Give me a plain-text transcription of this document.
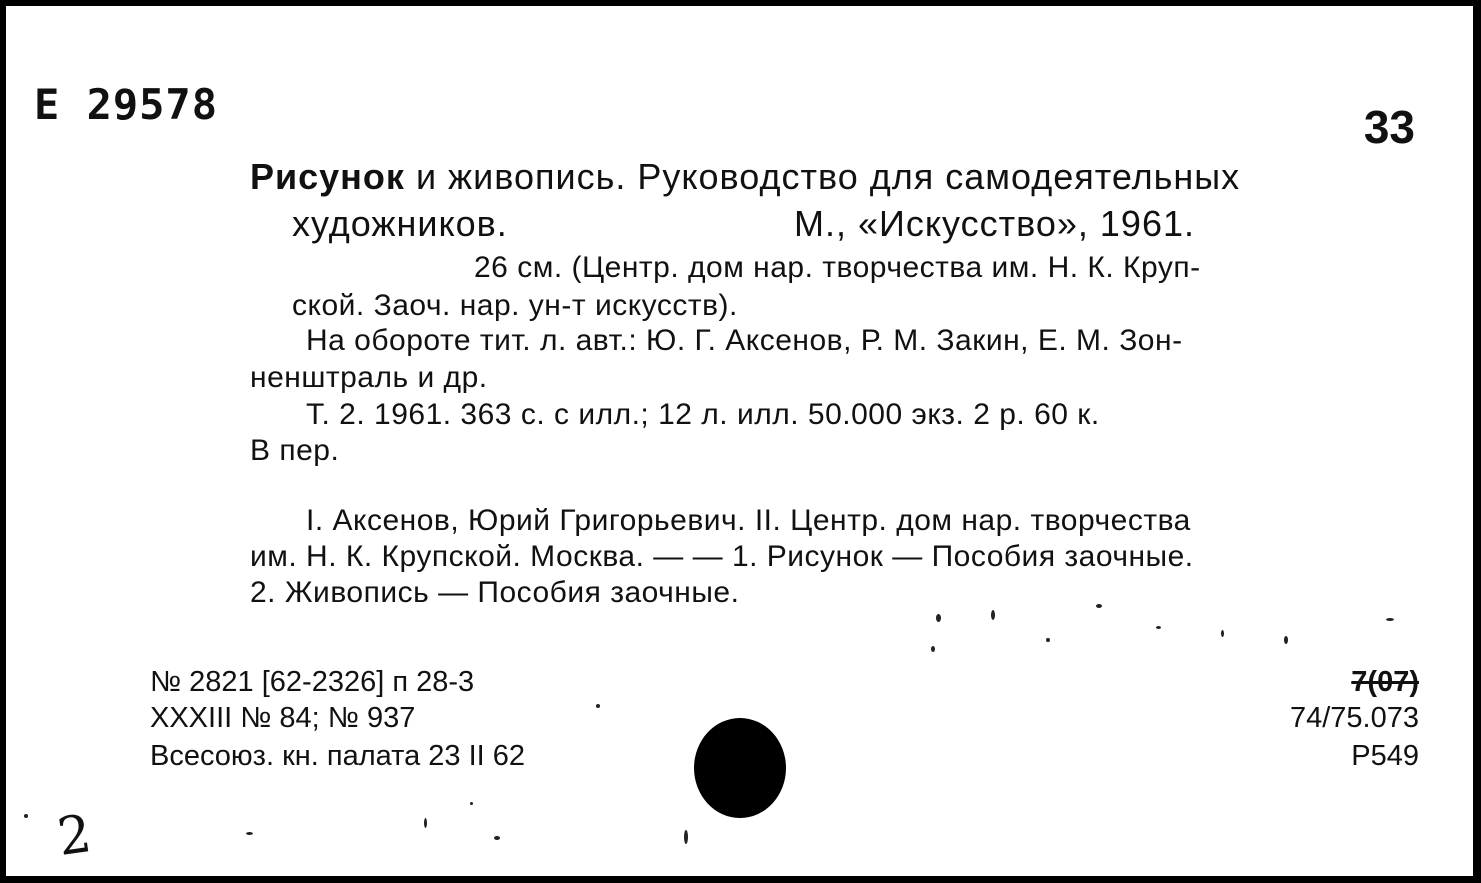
E 29578	33
Рисунок и живопись. Руководство для самодеятельных
художников.	М., «Искусство», 1961.
26 см. (Центр. дом нар. творчества им. Н. К. Круп-
ской. Заоч. нар. ун-т искусств).
На обороте тит. л. авт.: Ю. Г. Аксенов, Р. М. Закин, Е. М. Зон-
ненштраль и др.
Т. 2. 1961. 363 с. с илл.; 12 л. илл. 50.000 экз. 2 р. 60 к.
В пер.
I. Аксенов, Юрий Григорьевич. II. Центр. дом нар. творчества
им. Н. К. Крупской. Москва. — — 1. Рисунок — Пособия заочные.
2. Живопись — Пособия заочные.
№ 2821 [62-2326] п 28-3
XXXIII № 84; № 937
Всесоюз. кн. палата 23 II 62
7(07)
74/75.073
Р549
2
